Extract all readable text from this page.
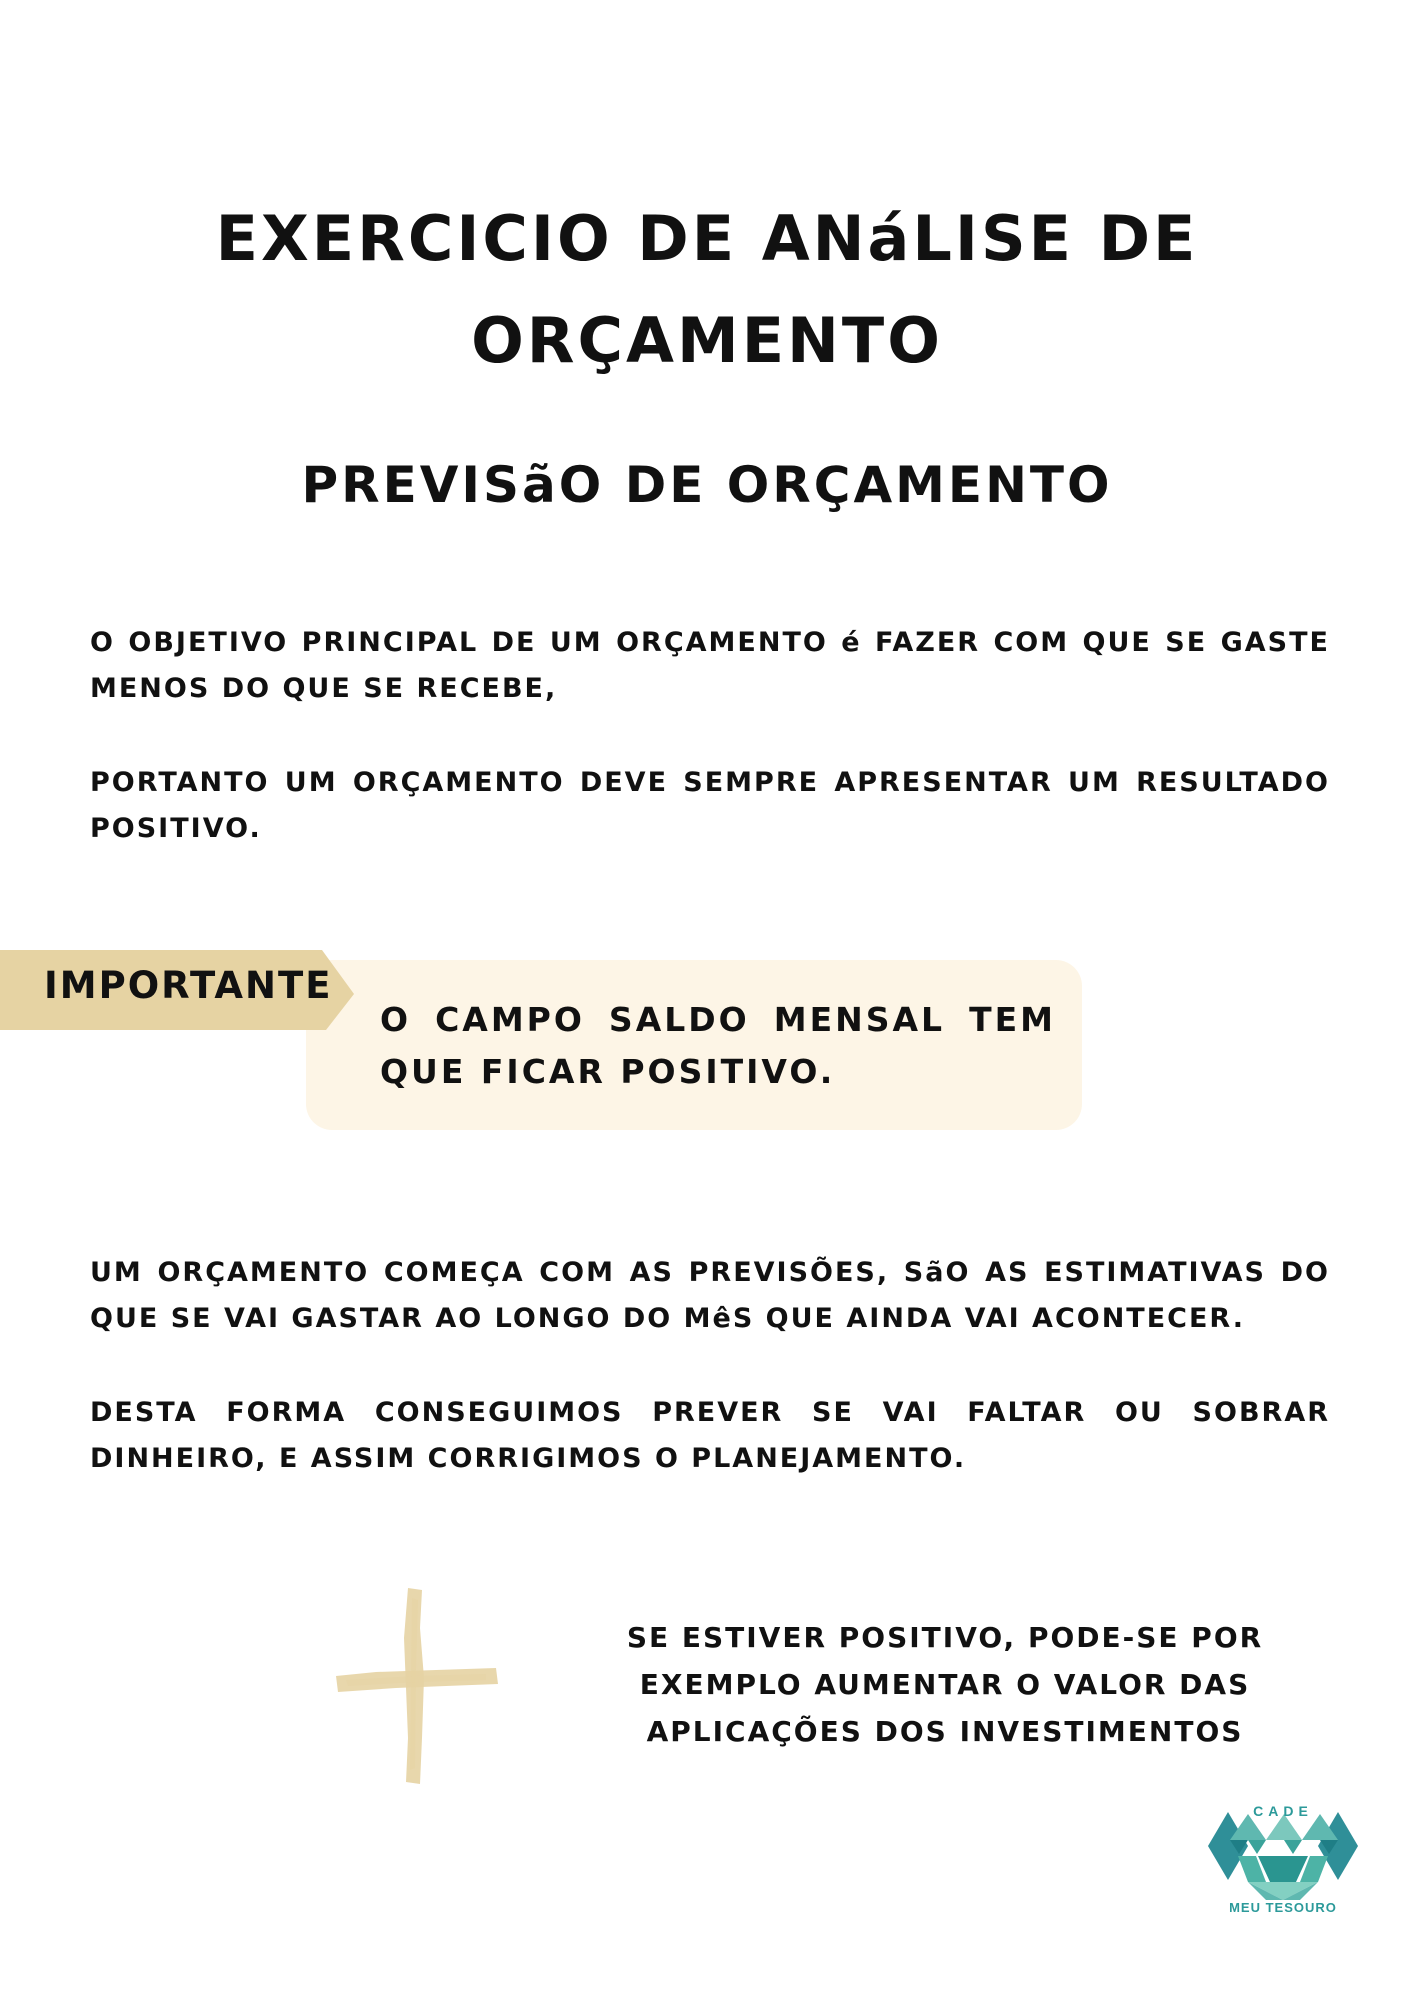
EXERCICIO DE ANáLISE DE ORÇAMENTO
PREVISãO DE ORÇAMENTO

O OBJETIVO PRINCIPAL DE UM ORÇAMENTO é FAZER COM QUE SE GASTE MENOS DO QUE SE RECEBE,

PORTANTO UM ORÇAMENTO DEVE SEMPRE APRESENTAR UM RESULTADO POSITIVO.

IMPORTANTE

O CAMPO SALDO MENSAL TEM QUE FICAR POSITIVO.

UM ORÇAMENTO COMEÇA COM AS PREVISÕES, SãO AS ESTIMATIVAS DO QUE SE VAI GASTAR AO LONGO DO MêS QUE AINDA VAI ACONTECER.

DESTA FORMA CONSEGUIMOS PREVER SE VAI FALTAR OU SOBRAR DINHEIRO, E ASSIM CORRIGIMOS O PLANEJAMENTO.

SE ESTIVER POSITIVO, PODE-SE POR EXEMPLO AUMENTAR O VALOR DAS APLICAÇÕES DOS INVESTIMENTOS

CADE
MEU TESOURO
